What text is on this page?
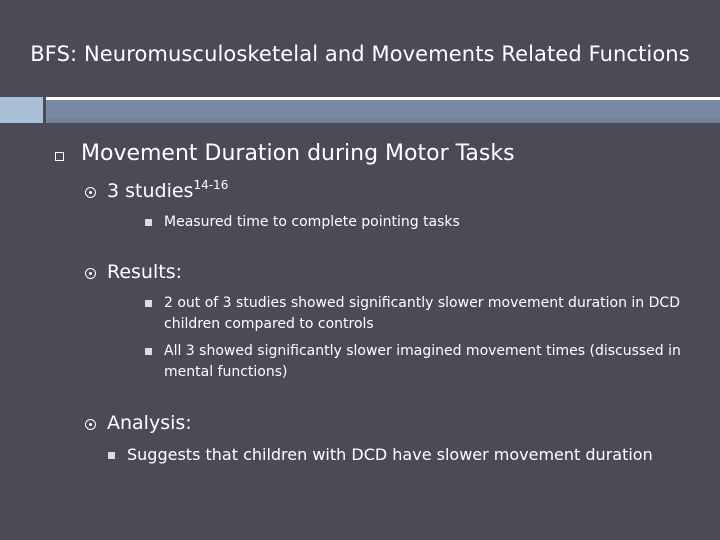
BFS: Neuromusculosketelal and Movements Related Functions
Movement Duration during Motor Tasks
3 studies$^{14-16}$
Measured time to complete pointing tasks
Results:
2 out of 3 studies showed significantly slower movement duration in DCD children compared to controls
All 3 showed significantly slower imagined movement times (discussed in mental functions)
Analysis:
Suggests that children with DCD have slower movement duration
